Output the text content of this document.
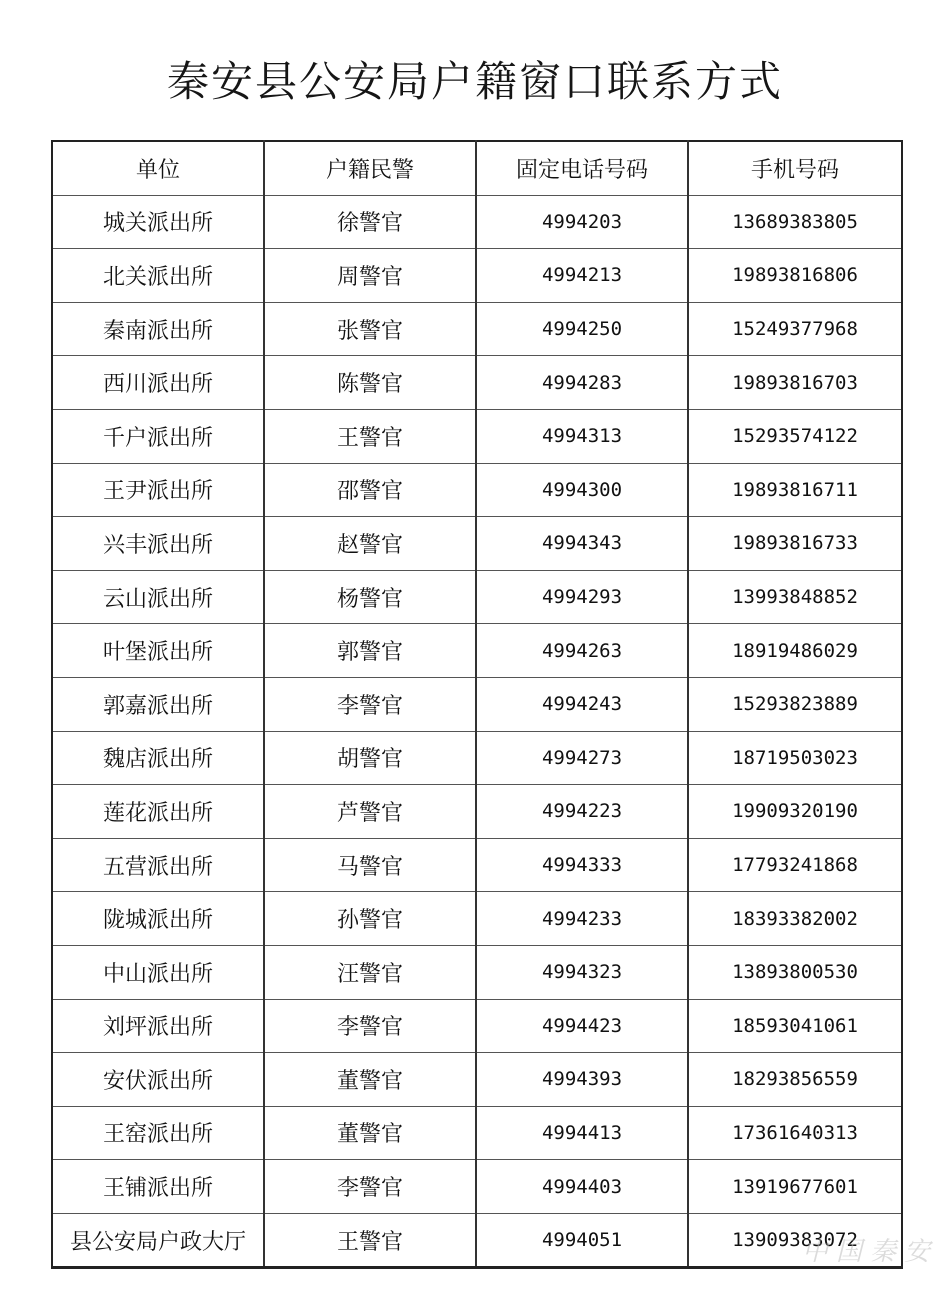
秦安县公安局户籍窗口联系方式
单位	户籍民警	固定电话号码	手机号码
城关派出所	徐警官	4994203	13689383805
北关派出所	周警官	4994213	19893816806
秦南派出所	张警官	4994250	15249377968
西川派出所	陈警官	4994283	19893816703
千户派出所	王警官	4994313	15293574122
王尹派出所	邵警官	4994300	19893816711
兴丰派出所	赵警官	4994343	19893816733
云山派出所	杨警官	4994293	13993848852
叶堡派出所	郭警官	4994263	18919486029
郭嘉派出所	李警官	4994243	15293823889
魏店派出所	胡警官	4994273	18719503023
莲花派出所	芦警官	4994223	19909320190
五营派出所	马警官	4994333	17793241868
陇城派出所	孙警官	4994233	18393382002
中山派出所	汪警官	4994323	13893800530
刘坪派出所	李警官	4994423	18593041061
安伏派出所	董警官	4994393	18293856559
王窑派出所	董警官	4994413	17361640313
王铺派出所	李警官	4994403	13919677601
县公安局户政大厅	王警官	4994051	13909383072
中国秦安
